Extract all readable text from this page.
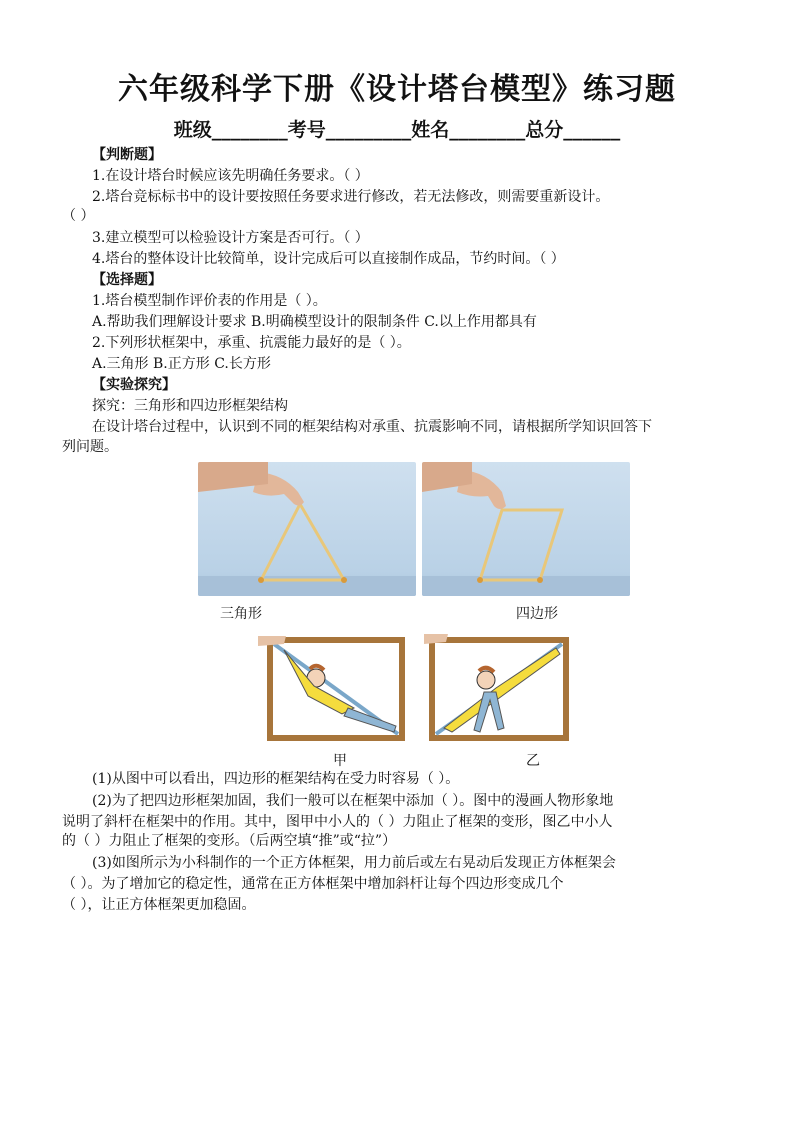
六年级科学下册《设计塔台模型》练习题
班级________考号_________姓名________总分______
【判断题】
1.在设计塔台时候应该先明确任务要求。（ ）
2.塔台竞标标书中的设计要按照任务要求进行修改，若无法修改，则需要重新设计。
（ ）
3.建立模型可以检验设计方案是否可行。（ ）
4.塔台的整体设计比较简单，设计完成后可以直接制作成品，节约时间。（ ）
【选择题】
1.塔台模型制作评价表的作用是（ ）。
A.帮助我们理解设计要求 B.明确模型设计的限制条件 C.以上作用都具有
2.下列形状框架中，承重、抗震能力最好的是（ ）。
A.三角形 B.正方形 C.长方形
【实验探究】
探究：三角形和四边形框架结构
在设计塔台过程中，认识到不同的框架结构对承重、抗震影响不同，请根据所学知识回答下
列问题。
三角形	四边形
甲	乙
(1)从图中可以看出，四边形的框架结构在受力时容易（ ）。
(2)为了把四边形框架加固，我们一般可以在框架中添加（ ）。图中的漫画人物形象地
说明了斜杆在框架中的作用。其中，图甲中小人的（ ）力阻止了框架的变形，图乙中小人
的（ ）力阻止了框架的变形。（后两空填“推”或“拉”）
(3)如图所示为小科制作的一个正方体框架，用力前后或左右晃动后发现正方体框架会
（ ）。为了增加它的稳定性，通常在正方体框架中增加斜杆让每个四边形变成几个
（ ），让正方体框架更加稳固。
